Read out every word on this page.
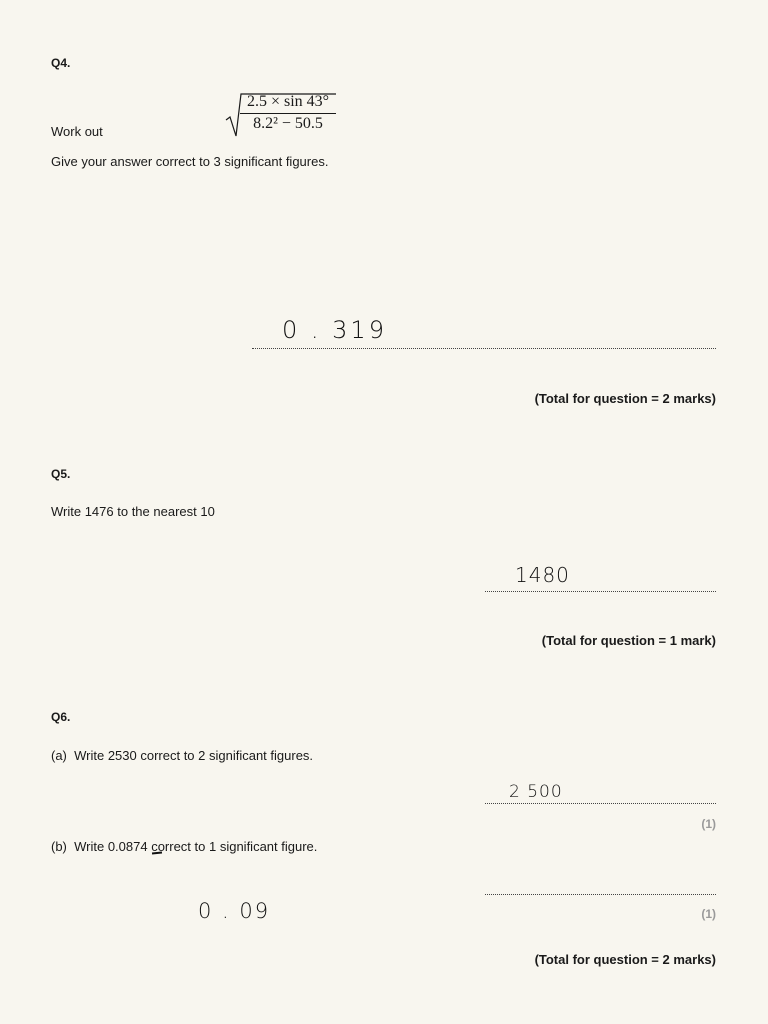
Q4.
Work out	$\frac{2.5 \times \sin 43^\circ}{\text{8.2² − 50.5}}$
Give your answer correct to 3 significant figures.
0 . 319
(Total for question = 2 marks)
Q5.
Write 1476 to the nearest 10
1480
(Total for question = 1 mark)
Q6.
(a)  Write 2530 correct to 2 significant figures.
2 500
(1)
(b)  Write 0.0874 correct to 1 significant figure.
0 . 09	(1)
(Total for question = 2 marks)
